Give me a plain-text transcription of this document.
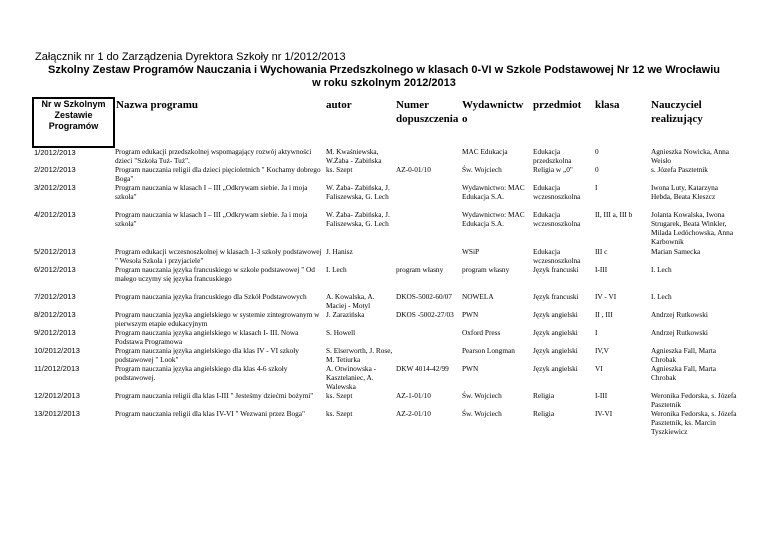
Załącznik nr 1 do Zarządzenia Dyrektora Szkoły nr 1/2012/2013
Szkolny Zestaw Programów Nauczania i Wychowania Przedszkolnego w klasach 0-VI w Szkole Podstawowej Nr 12 we Wrocławiu
w roku szkolnym 2012/2013
Nr w Szkolnym Zestawie Programów	Nazwa programu	autor	Numer dopuszczenia	Wydawnictw o	przedmiot	klasa	Nauczyciel realizujący
1/2012/2013	Program edukacji przedszkolnej wspomagający rozwój aktywności dzieci "Szkoła Tuż- Tuż".	M. Kwaśniewska, W.Żaba - Zabińska		MAC Edukacja	Edukacja przedszkolna	0	Agnieszka Nowicka, Anna Weisło
2/2012/2013	Program nauczania religii dla dzieci pięcioletnich " Kochamy dobrego Boga"	ks. Szept	AZ-0-01/10	Św. Wojciech	Religia w „0"	0	s. Józefa Pasztetnik
3/2012/2013	Program nauczania w klasach I – III „Odkrywam siebie. Ja i moja szkoła"	W. Żaba- Zabińska, J. Faliszewska, G. Lech		Wydawnictwo: MAC Edukacja S.A.	Edukacja wczesnoszkolna	I	Iwona Luty, Katarzyna Hebda, Beata Kleszcz
4/2012/2013	Program nauczania w klasach I – III „Odkrywam siebie. Ja i moja szkoła"	W. Żaba- Zabińska, J. Faliszewska, G. Lech		Wydawnictwo: MAC Edukacja S.A.	Edukacja wczesnoszkolna	II, III a, III b	Jolanta Kowalska, Iwona Strugarek, Beata Winkler, Milada Ledóchowska, Anna Karbownik
5/2012/2013	Program edukacji wczesnoszkolnej w klasach 1-3 szkoły podstawowej " Wesoła Szkoła i przyjaciele"	J. Hanisz		WSiP	Edukacja wczesnoszkolna	III c	Marian Samecka
6/2012/2013	Program nauczania języka francuskiego w szkole podstawowej " Od małego uczymy się języka francuskiego	I. Lech	program własny	program własny	Język francuski	I-III	I. Lech
7/2012/2013	Program nauczania języka francuskiego dla Szkół Podstawowych	A. Kowalska, A. Maciej - Motyl	DKOS-5002-60/07	NOWELA	Język francuski	IV - VI	I. Lech
8/2012/2013	Program nauczania języka angielskiego w systemie zintegrowanym w pierwszym etapie edukacyjnym	J. Zarazińska	DKOS -5002-27/03	PWN	Język angielski	II , III	Andrzej Rutkowski
9/2012/2013	Program nauczania języka angielskiego w klasach I- III. Nowa Podstawa Programowa	S. Howell		Oxford Press	Język angielski	I	Andrzej Rutkowski
10/2012/2013	Program nauczania języka angielskiego dla klas IV - VI szkoły podstawowej " Look"	S. Elserworth, J. Rose, M. Tetiurka		Pearson Longman	Język angielski	IV,V	Agnieszka Fall, Marta Chrobak
11/2012/2013	Program nauczania języka angielskiego dla klas 4-6 szkoły podstawowej.	A. Otwinowska - Kasztelaniec, A. Walewska	DKW 4014-42/99	PWN	Język angielski	VI	Agnieszka Fall, Marta Chrobak
12/2012/2013	Program nauczania religii dla klas I-III " Jesteśmy dziećmi bożymi"	ks. Szept	AZ-1-01/10	Św. Wojciech	Religia	I-III	Weronika Fedorska, s. Józefa Pasztetnik
13/2012/2013	Program nauczania religii dla klas IV-VI " Wezwani przez Boga"	ks. Szept	AZ-2-01/10	Św. Wojciech	Religia	IV-VI	Weronika Fedorska, s. Józefa Pasztetnik, ks. Marcin Tyszkiewicz
